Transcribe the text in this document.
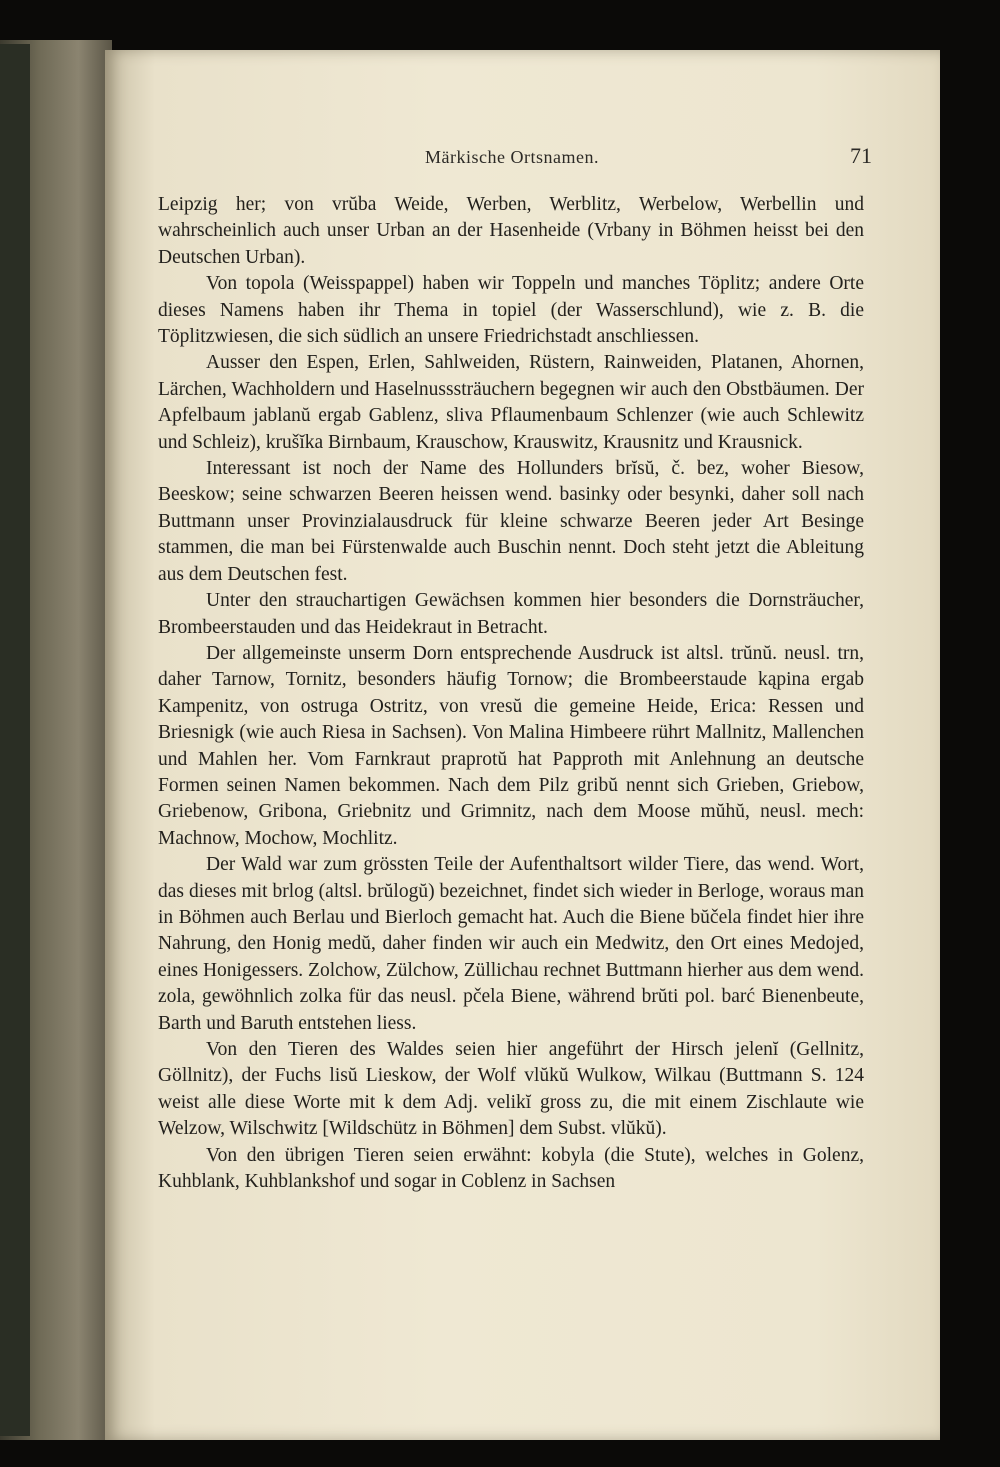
Märkische Ortsnamen.	71

Leipzig her; von vrŭba Weide, Werben, Werblitz, Werbelow, Werbellin und wahrscheinlich auch unser Urban an der Hasenheide (Vrbany in Böhmen heisst bei den Deutschen Urban).

Von topola (Weisspappel) haben wir Toppeln und manches Töplitz; andere Orte dieses Namens haben ihr Thema in topiel (der Wasserschlund), wie z. B. die Töplitzwiesen, die sich südlich an unsere Friedrichstadt anschliessen.

Ausser den Espen, Erlen, Sahlweiden, Rüstern, Rainweiden, Platanen, Ahornen, Lärchen, Wachholdern und Haselnusssträuchern begegnen wir auch den Obstbäumen. Der Apfelbaum jablanŭ ergab Gablenz, sliva Pflaumenbaum Schlenzer (wie auch Schlewitz und Schleiz), krušĭka Birnbaum, Krauschow, Krauswitz, Krausnitz und Krausnick.

Interessant ist noch der Name des Hollunders brĭsŭ, č. bez, woher Biesow, Beeskow; seine schwarzen Beeren heissen wend. basinky oder besynki, daher soll nach Buttmann unser Provinzialausdruck für kleine schwarze Beeren jeder Art Besinge stammen, die man bei Fürstenwalde auch Buschin nennt. Doch steht jetzt die Ableitung aus dem Deutschen fest.

Unter den strauchartigen Gewächsen kommen hier besonders die Dornsträucher, Brombeerstauden und das Heidekraut in Betracht.

Der allgemeinste unserm Dorn entsprechende Ausdruck ist altsl. trŭnŭ. neusl. trn, daher Tarnow, Tornitz, besonders häufig Tornow; die Brombeerstaude kąpina ergab Kampenitz, von ostruga Ostritz, von vresŭ die gemeine Heide, Erica: Ressen und Briesnigk (wie auch Riesa in Sachsen). Von Malina Himbeere rührt Mallnitz, Mallenchen und Mahlen her. Vom Farnkraut praprotŭ hat Papproth mit Anlehnung an deutsche Formen seinen Namen bekommen. Nach dem Pilz gribŭ nennt sich Grieben, Griebow, Griebenow, Gribona, Griebnitz und Grimnitz, nach dem Moose mŭhŭ, neusl. mech: Machnow, Mochow, Mochlitz.

Der Wald war zum grössten Teile der Aufenthaltsort wilder Tiere, das wend. Wort, das dieses mit brlog (altsl. brŭlogŭ) bezeichnet, findet sich wieder in Berloge, woraus man in Böhmen auch Berlau und Bierloch gemacht hat. Auch die Biene bŭčela findet hier ihre Nahrung, den Honig medŭ, daher finden wir auch ein Medwitz, den Ort eines Medojed, eines Honigessers. Zolchow, Zülchow, Züllichau rechnet Buttmann hierher aus dem wend. zola, gewöhnlich zolka für das neusl. pčela Biene, während brŭti pol. barć Bienenbeute, Barth und Baruth entstehen liess.

Von den Tieren des Waldes seien hier angeführt der Hirsch jelenĭ (Gellnitz, Göllnitz), der Fuchs lisŭ Lieskow, der Wolf vlŭkŭ Wulkow, Wilkau (Buttmann S. 124 weist alle diese Worte mit k dem Adj. velikĭ gross zu, die mit einem Zischlaute wie Welzow, Wilschwitz [Wildschütz in Böhmen] dem Subst. vlŭkŭ).

Von den übrigen Tieren seien erwähnt: kobyla (die Stute), welches in Golenz, Kuhblank, Kuhblankshof und sogar in Coblenz in Sachsen
